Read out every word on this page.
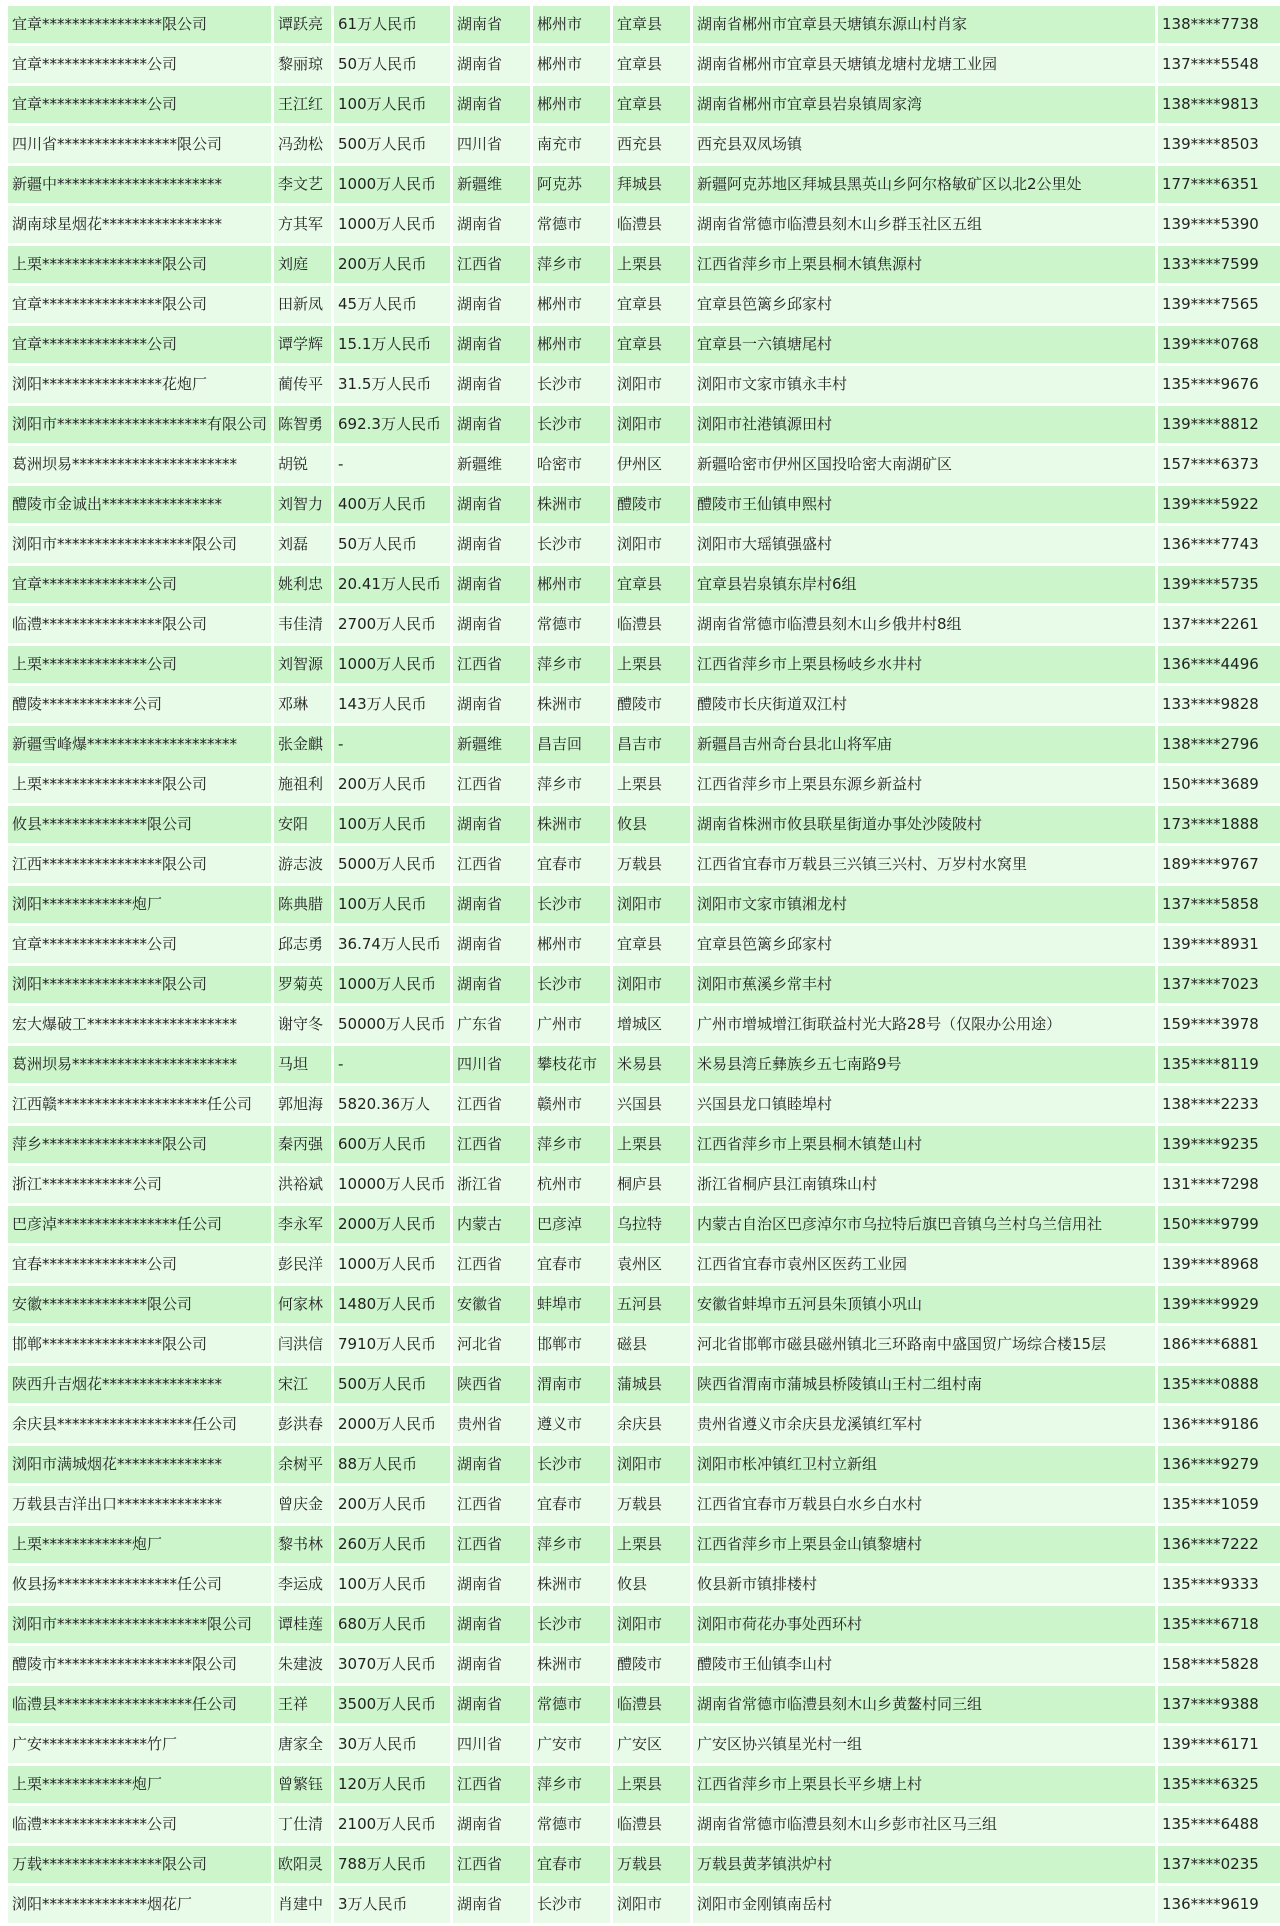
宜章****************限公司	谭跃亮	61万人民币	湖南省	郴州市	宜章县	湖南省郴州市宜章县天塘镇东源山村肖家	138****7738
宜章**************公司	黎丽琼	50万人民币	湖南省	郴州市	宜章县	湖南省郴州市宜章县天塘镇龙塘村龙塘工业园	137****5548
宜章**************公司	王江红	100万人民币	湖南省	郴州市	宜章县	湖南省郴州市宜章县岩泉镇周家湾	138****9813
四川省****************限公司	冯劲松	500万人民币	四川省	南充市	西充县	西充县双凤场镇	139****8503
新疆中**********************	李文艺	1000万人民币	新疆维	阿克苏	拜城县	新疆阿克苏地区拜城县黑英山乡阿尔格敏矿区以北2公里处	177****6351
湖南球星烟花****************	方其军	1000万人民币	湖南省	常德市	临澧县	湖南省常德市临澧县刻木山乡群玉社区五组	139****5390
上栗****************限公司	刘庭	200万人民币	江西省	萍乡市	上栗县	江西省萍乡市上栗县桐木镇焦源村	133****7599
宜章****************限公司	田新凤	45万人民币	湖南省	郴州市	宜章县	宜章县笆篱乡邱家村	139****7565
宜章**************公司	谭学辉	15.1万人民币	湖南省	郴州市	宜章县	宜章县一六镇塘尾村	139****0768
浏阳****************花炮厂	蔺传平	31.5万人民币	湖南省	长沙市	浏阳市	浏阳市文家市镇永丰村	135****9676
浏阳市********************有限公司	陈智勇	692.3万人民币	湖南省	长沙市	浏阳市	浏阳市社港镇源田村	139****8812
葛洲坝易**********************	胡锐	-	新疆维	哈密市	伊州区	新疆哈密市伊州区国投哈密大南湖矿区	157****6373
醴陵市金诚出****************	刘智力	400万人民币	湖南省	株洲市	醴陵市	醴陵市王仙镇申熙村	139****5922
浏阳市******************限公司	刘磊	50万人民币	湖南省	长沙市	浏阳市	浏阳市大瑶镇强盛村	136****7743
宜章**************公司	姚利忠	20.41万人民币	湖南省	郴州市	宜章县	宜章县岩泉镇东岸村6组	139****5735
临澧****************限公司	韦佳清	2700万人民币	湖南省	常德市	临澧县	湖南省常德市临澧县刻木山乡俄井村8组	137****2261
上栗**************公司	刘智源	1000万人民币	江西省	萍乡市	上栗县	江西省萍乡市上栗县杨岐乡水井村	136****4496
醴陵************公司	邓琳	143万人民币	湖南省	株洲市	醴陵市	醴陵市长庆街道双江村	133****9828
新疆雪峰爆********************	张金麒	-	新疆维	昌吉回	昌吉市	新疆昌吉州奇台县北山将军庙	138****2796
上栗****************限公司	施祖利	200万人民币	江西省	萍乡市	上栗县	江西省萍乡市上栗县东源乡新益村	150****3689
攸县**************限公司	安阳	100万人民币	湖南省	株洲市	攸县	湖南省株洲市攸县联星街道办事处沙陵陂村	173****1888
江西****************限公司	游志波	5000万人民币	江西省	宜春市	万载县	江西省宜春市万载县三兴镇三兴村、万岁村水窝里	189****9767
浏阳************炮厂	陈典腊	100万人民币	湖南省	长沙市	浏阳市	浏阳市文家市镇湘龙村	137****5858
宜章**************公司	邱志勇	36.74万人民币	湖南省	郴州市	宜章县	宜章县笆篱乡邱家村	139****8931
浏阳****************限公司	罗菊英	1000万人民币	湖南省	长沙市	浏阳市	浏阳市蕉溪乡常丰村	137****7023
宏大爆破工********************	谢守冬	50000万人民币	广东省	广州市	增城区	广州市增城增江街联益村光大路28号（仅限办公用途）	159****3978
葛洲坝易**********************	马坦	-	四川省	攀枝花市	米易县	米易县湾丘彝族乡五七南路9号	135****8119
江西赣********************任公司	郭旭海	5820.36万人	江西省	赣州市	兴国县	兴国县龙口镇睦埠村	138****2233
萍乡****************限公司	秦丙强	600万人民币	江西省	萍乡市	上栗县	江西省萍乡市上栗县桐木镇楚山村	139****9235
浙江************公司	洪裕斌	10000万人民币	浙江省	杭州市	桐庐县	浙江省桐庐县江南镇珠山村	131****7298
巴彦淖****************任公司	李永军	2000万人民币	内蒙古	巴彦淖	乌拉特	内蒙古自治区巴彦淖尔市乌拉特后旗巴音镇乌兰村乌兰信用社	150****9799
宜春**************公司	彭民洋	1000万人民币	江西省	宜春市	袁州区	江西省宜春市袁州区医药工业园	139****8968
安徽**************限公司	何家林	1480万人民币	安徽省	蚌埠市	五河县	安徽省蚌埠市五河县朱顶镇小巩山	139****9929
邯郸****************限公司	闫洪信	7910万人民币	河北省	邯郸市	磁县	河北省邯郸市磁县磁州镇北三环路南中盛国贸广场综合楼15层	186****6881
陕西升吉烟花****************	宋江	500万人民币	陕西省	渭南市	蒲城县	陕西省渭南市蒲城县桥陵镇山王村二组村南	135****0888
余庆县******************任公司	彭洪春	2000万人民币	贵州省	遵义市	余庆县	贵州省遵义市余庆县龙溪镇红军村	136****9186
浏阳市满城烟花**************	余树平	88万人民币	湖南省	长沙市	浏阳市	浏阳市枨冲镇红卫村立新组	136****9279
万载县吉洋出口**************	曾庆金	200万人民币	江西省	宜春市	万载县	江西省宜春市万载县白水乡白水村	135****1059
上栗************炮厂	黎书林	260万人民币	江西省	萍乡市	上栗县	江西省萍乡市上栗县金山镇黎塘村	136****7222
攸县扬****************任公司	李运成	100万人民币	湖南省	株洲市	攸县	攸县新市镇排楼村	135****9333
浏阳市********************限公司	谭桂莲	680万人民币	湖南省	长沙市	浏阳市	浏阳市荷花办事处西环村	135****6718
醴陵市******************限公司	朱建波	3070万人民币	湖南省	株洲市	醴陵市	醴陵市王仙镇李山村	158****5828
临澧县******************任公司	王祥	3500万人民币	湖南省	常德市	临澧县	湖南省常德市临澧县刻木山乡黄鳌村同三组	137****9388
广安**************竹厂	唐家全	30万人民币	四川省	广安市	广安区	广安区协兴镇星光村一组	139****6171
上栗************炮厂	曾繁钰	120万人民币	江西省	萍乡市	上栗县	江西省萍乡市上栗县长平乡塘上村	135****6325
临澧**************公司	丁仕清	2100万人民币	湖南省	常德市	临澧县	湖南省常德市临澧县刻木山乡彭市社区马三组	135****6488
万载****************限公司	欧阳灵	788万人民币	江西省	宜春市	万载县	万载县黄茅镇洪炉村	137****0235
浏阳**************烟花厂	肖建中	3万人民币	湖南省	长沙市	浏阳市	浏阳市金刚镇南岳村	136****9619
